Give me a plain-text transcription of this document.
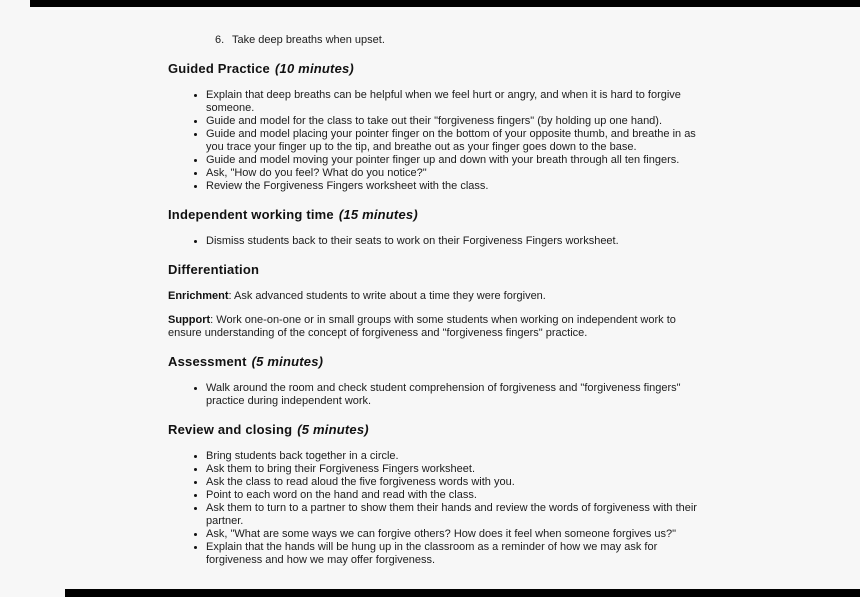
6. Take deep breaths when upset.
Guided Practice (10 minutes)
Explain that deep breaths can be helpful when we feel hurt or angry, and when it is hard to forgive someone.
Guide and model for the class to take out their "forgiveness fingers" (by holding up one hand).
Guide and model placing your pointer finger on the bottom of your opposite thumb, and breathe in as you trace your finger up to the tip, and breathe out as your finger goes down to the base.
Guide and model moving your pointer finger up and down with your breath through all ten fingers.
Ask, "How do you feel? What do you notice?"
Review the Forgiveness Fingers worksheet with the class.
Independent working time (15 minutes)
Dismiss students back to their seats to work on their Forgiveness Fingers worksheet.
Differentiation

Enrichment: Ask advanced students to write about a time they were forgiven.

Support: Work one-on-one or in small groups with some students when working on independent work to ensure understanding of the concept of forgiveness and "forgiveness fingers" practice.

Assessment (5 minutes)
Walk around the room and check student comprehension of forgiveness and "forgiveness fingers" practice during independent work.
Review and closing (5 minutes)
Bring students back together in a circle.
Ask them to bring their Forgiveness Fingers worksheet.
Ask the class to read aloud the five forgiveness words with you.
Point to each word on the hand and read with the class.
Ask them to turn to a partner to show them their hands and review the words of forgiveness with their partner.
Ask, "What are some ways we can forgive others? How does it feel when someone forgives us?"
Explain that the hands will be hung up in the classroom as a reminder of how we may ask for forgiveness and how we may offer forgiveness.
